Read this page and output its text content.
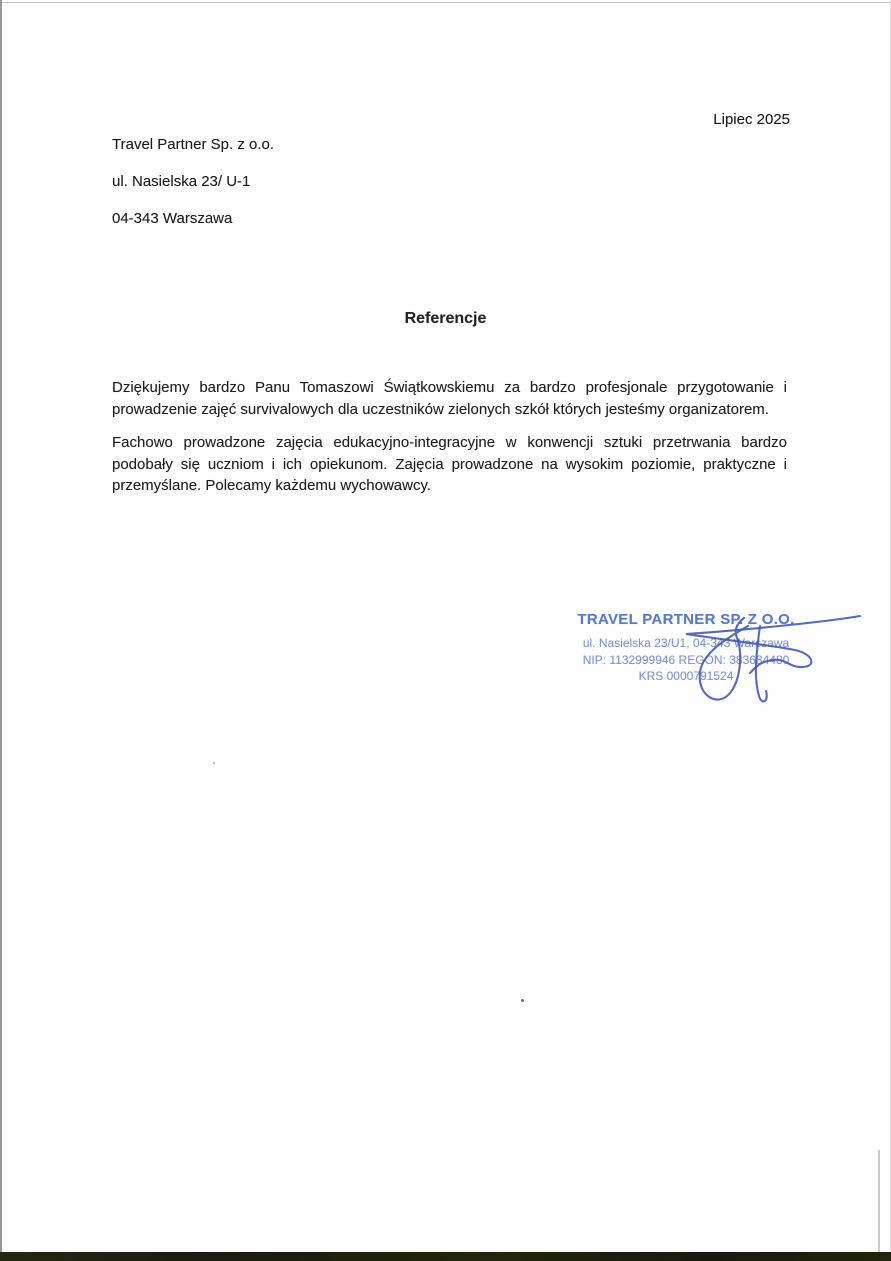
Lipiec 2025
Travel Partner Sp. z o.o.
ul. Nasielska 23/ U-1
04-343 Warszawa
Referencje
Dziękujemy bardzo Panu Tomaszowi Świątkowskiemu za bardzo profesjonale przygotowanie i prowadzenie zajęć survivalowych dla uczestników zielonych szkół których jesteśmy organizatorem.
Fachowo prowadzone zajęcia edukacyjno-integracyjne w konwencji sztuki przetrwania bardzo podobały się uczniom i ich opiekunom. Zajęcia prowadzone na wysokim poziomie, praktyczne i przemyślane. Polecamy każdemu wychowawcy.
TRAVEL PARTNER SP. Z O.O.
ul. Nasielska 23/U1, 04-343 Warszawa
NIP: 1132999946 REGON: 383684480
KRS 0000791524
